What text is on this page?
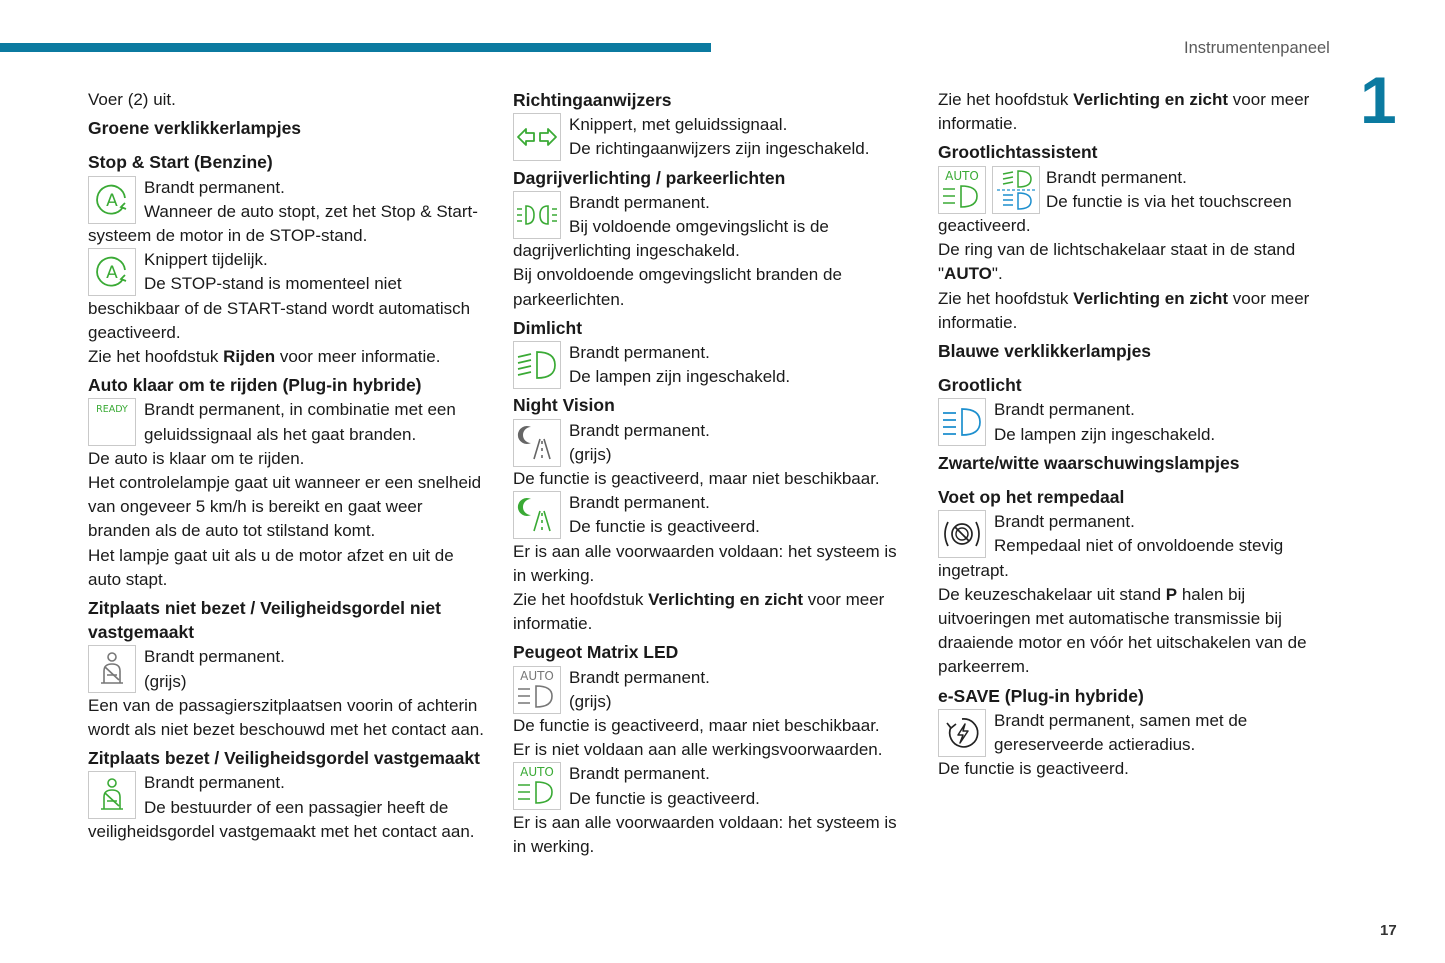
Instrumentenpaneel
1
17

Voer (2) uit.

Groene verklikkerlampjes
Stop & Start (Benzine)
A
Brandt permanent.
Wanneer de auto stopt, zet het Stop & Start-systeem de motor in de STOP-stand.
A
Knippert tijdelijk.
De STOP-stand is momenteel niet beschikbaar of de START-stand wordt automatisch geactiveerd.

Zie het hoofdstuk Rijden voor meer informatie.

Auto klaar om te rijden (Plug-in hybride)
READY Brandt permanent, in combinatie met een geluidssignaal als het gaat branden.

De auto is klaar om te rijden.

Het controlelampje gaat uit wanneer er een snelheid van ongeveer 5 km/h is bereikt en gaat weer branden als de auto tot stilstand komt.

Het lampje gaat uit als u de motor afzet en uit de auto stapt.

Zitplaats niet bezet / Veiligheidsgordel niet vastgemaakt
Brandt permanent.
(grijs)

Een van de passagierszitplaatsen voorin of achterin wordt als niet bezet beschouwd met het contact aan.

Zitplaats bezet / Veiligheidsgordel vastgemaakt
Brandt permanent.
De bestuurder of een passagier heeft de veiligheidsgordel vastgemaakt met het contact aan.
Richtingaanwijzers
Knippert, met geluidssignaal.
De richtingaanwijzers zijn ingeschakeld.
Dagrijverlichting / parkeerlichten
Brandt permanent.
Bij voldoende omgevingslicht is de dagrijverlichting ingeschakeld.

Bij onvoldoende omgevingslicht branden de parkeerlichten.

Dimlicht
Brandt permanent.
De lampen zijn ingeschakeld.
Night Vision
Brandt permanent.
(grijs)

De functie is geactiveerd, maar niet beschikbaar.

Brandt permanent.
De functie is geactiveerd.

Er is aan alle voorwaarden voldaan: het systeem is in werking.

Zie het hoofdstuk Verlichting en zicht voor meer informatie.

Peugeot Matrix LED
AUTO Brandt permanent.
(grijs)

De functie is geactiveerd, maar niet beschikbaar.

Er is niet voldaan aan alle werkingsvoorwaarden.

AUTO Brandt permanent.
De functie is geactiveerd.

Er is aan alle voorwaarden voldaan: het systeem is in werking.

Zie het hoofdstuk Verlichting en zicht voor meer informatie.

Grootlichtassistent
AUTO	Brandt permanent.
De functie is via het touchscreen geactiveerd.

De ring van de lichtschakelaar staat in de stand "AUTO".

Zie het hoofdstuk Verlichting en zicht voor meer informatie.

Blauwe verklikkerlampjes
Grootlicht
Brandt permanent.
De lampen zijn ingeschakeld.
Zwarte/witte waarschuwingslampjes
Voet op het rempedaal
Brandt permanent.
Rempedaal niet of onvoldoende stevig ingetrapt.

De keuzeschakelaar uit stand P halen bij uitvoeringen met automatische transmissie bij draaiende motor en vóór het uitschakelen van de parkeerrem.

e-SAVE (Plug-in hybride)
Brandt permanent, samen met de gereserveerde actieradius.

De functie is geactiveerd.
